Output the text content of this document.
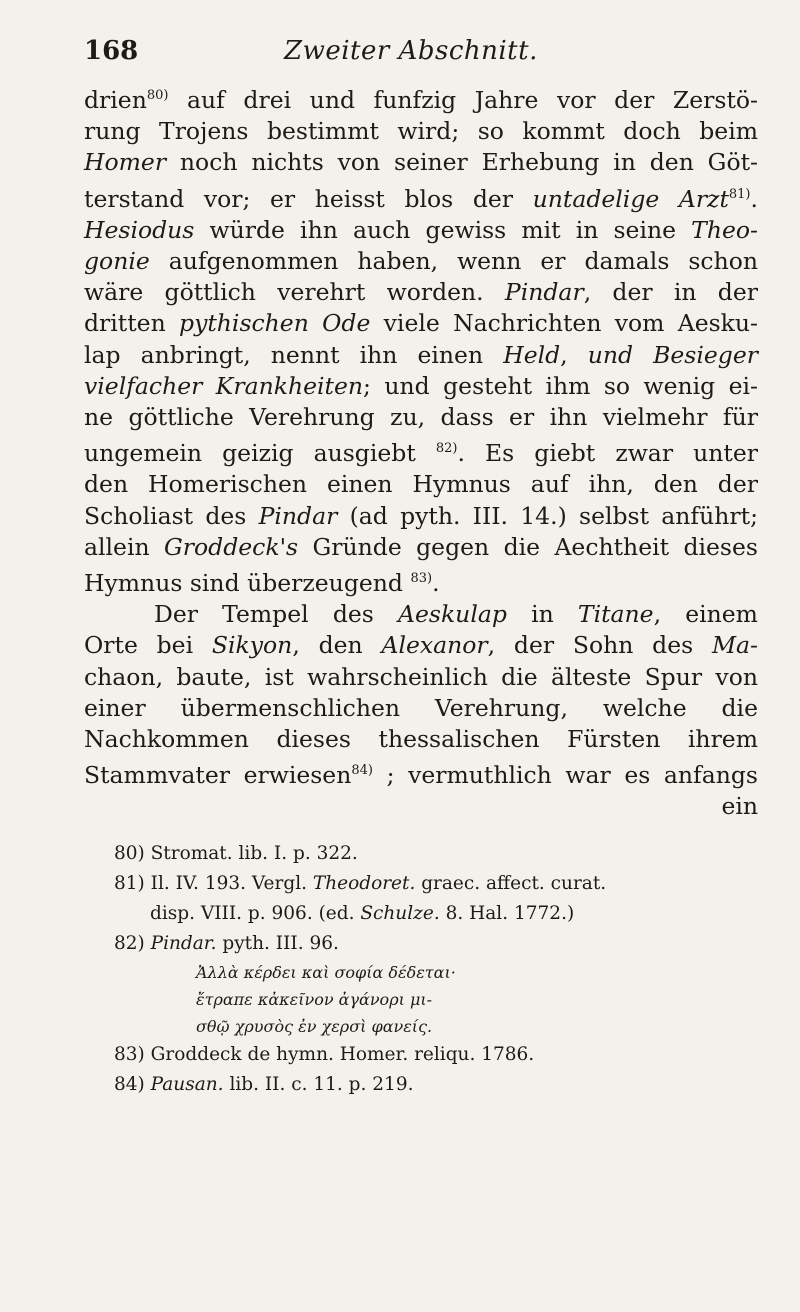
168	Zweiter Abschnitt.
drien$^{80)}$ auf drei und funfzig Jahre vor der Zerstö-
rung Trojens bestimmt wird; so kommt doch beim
Homer noch nichts von seiner Erhebung in den Göt-
terstand vor; er heisst blos der untadelige Arzt$^{81)}$.
Hesiodus würde ihn auch gewiss mit in seine Theo-
gonie aufgenommen haben, wenn er damals schon
wäre göttlich verehrt worden. Pindar, der in der
dritten pythischen Ode viele Nachrichten vom Aesku-
lap anbringt, nennt ihn einen Held, und Besieger
vielfacher Krankheiten; und gesteht ihm so wenig ei-
ne göttliche Verehrung zu, dass er ihn vielmehr für
ungemein geizig ausgiebt $^{82)}$. Es giebt zwar unter
den Homerischen einen Hymnus auf ihn, den der
Scholiast des Pindar (ad pyth. III. 14.) selbst anführt;
allein Groddeck's Gründe gegen die Aechtheit dieses
Hymnus sind überzeugend $^{83)}$.
Der Tempel des Aeskulap in Titane, einem
Orte bei Sikyon, den Alexanor, der Sohn des Ma-
chaon, baute, ist wahrscheinlich die älteste Spur von
einer übermenschlichen Verehrung, welche die
Nachkommen dieses thessalischen Fürsten ihrem
Stammvater erwiesen$^{84)}$ ; vermuthlich war es anfangs
ein
80) Stromat. lib. I. p. 322.
81) Il. IV. 193. Vergl. Theodoret. graec. affect. curat.
disp. VIII. p. 906. (ed. Schulze. 8. Hal. 1772.)
82) Pindar. pyth. III. 96.
Ἀλλὰ κέρδει καὶ σοφία δέδεται·
ἔτραπε κἀκεῖνον ἀγάνορι μι-
σθῷ χρυσὸς ἐν χερσὶ φανείς.
83) Groddeck de hymn. Homer. reliqu. 1786.
84) Pausan. lib. II. c. 11. p. 219.
